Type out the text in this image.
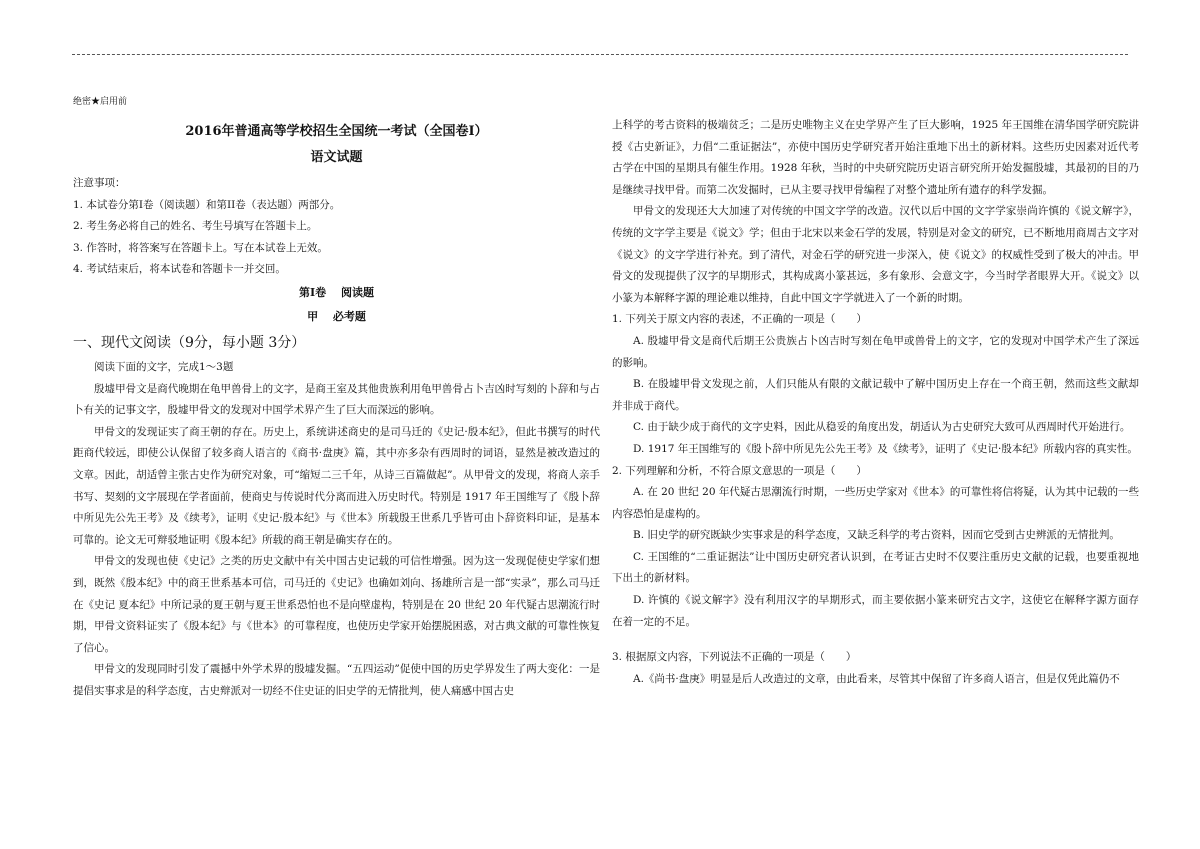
绝密★启用前

2016年普通高等学校招生全国统一考试（全国卷Ⅰ）

语文试题

注意事项：

1. 本试卷分第Ⅰ卷（阅读题）和第II卷（表达题）两部分。

2. 考生务必将自己的姓名、考生号填写在答题卡上。

3. 作答时，将答案写在答题卡上。写在本试卷上无效。

4. 考试结束后，将本试卷和答题卡一并交回。

第Ⅰ卷　 阅读题

甲　 必考题

一、现代文阅读（9分，每小题 3分）

阅读下面的文字，完成1～3题

殷墟甲骨文是商代晚期在龟甲兽骨上的文字，是商王室及其他贵族利用龟甲兽骨占卜吉凶时写刻的卜辞和与占卜有关的记事文字，殷墟甲骨文的发现对中国学术界产生了巨大而深远的影响。

甲骨文的发现证实了商王朝的存在。历史上，系统讲述商史的是司马迁的《史记·殷本纪》，但此书撰写的时代距商代较远，即使公认保留了较多商人语言的《商书·盘庚》篇，其中亦多杂有西周时的词语，显然是被改造过的文章。因此，胡适曾主张古史作为研究对象，可“缩短二三千年，从诗三百篇做起”。从甲骨文的发现，将商人亲手书写、契刻的文字展现在学者面前，使商史与传说时代分离而进入历史时代。特别是 1917 年王国维写了《殷卜辞中所见先公先王考》及《续考》，证明《史记·殷本纪》与《世本》所载殷王世系几乎皆可由卜辞资料印证，是基本可靠的。论文无可辩驳地证明《殷本纪》所载的商王朝是确实存在的。

甲骨文的发现也使《史记》之类的历史文献中有关中国古史记载的可信性增强。因为这一发现促使史学家们想到，既然《殷本纪》中的商王世系基本可信，司马迁的《史记》也确如刘向、扬雄所言是一部“实录”，那么司马迁在《史记 夏本纪》中所记录的夏王朝与夏王世系恐怕也不是向壁虚构，特别是在 20 世纪 20 年代疑古思潮流行时期，甲骨文资料证实了《殷本纪》与《世本》的可靠程度，也使历史学家开始摆脱困惑，对古典文献的可靠性恢复了信心。

甲骨文的发现同时引发了震撼中外学术界的殷墟发掘。“五四运动”促使中国的历史学界发生了两大变化：一是提倡实事求是的科学态度，古史辩派对一切经不住史证的旧史学的无情批判，使人痛感中国古史

上科学的考古资料的极端贫乏；二是历史唯物主义在史学界产生了巨大影响，1925 年王国维在清华国学研究院讲授《古史新证》，力倡“二重证据法”，亦使中国历史学研究者开始注重地下出土的新材料。这些历史因素对近代考古学在中国的星期具有催生作用。1928 年秋，当时的中央研究院历史语言研究所开始发掘殷墟，其最初的目的乃是继续寻找甲骨。而第二次发掘时，已从主要寻找甲骨编程了对整个遗址所有遗存的科学发掘。

甲骨文的发现还大大加速了对传统的中国文字学的改造。汉代以后中国的文字学家崇尚许慎的《说文解字》，传统的文字学主要是《说文》学；但由于北宋以来金石学的发展，特别是对金文的研究，已不断地用商周古文字对《说文》的文字学进行补充。到了清代，对金石学的研究进一步深入，使《说文》的权威性受到了极大的冲击。甲骨文的发现提供了汉字的早期形式，其构成离小篆甚远，多有象形、会意文字，今当时学者眼界大开。《说文》以小篆为本解释字源的理论难以维持，自此中国文字学就进入了一个新的时期。

1. 下列关于原文内容的表述，不正确的一项是（　　）

A. 殷墟甲骨文是商代后期王公贵族占卜凶吉时写刻在龟甲或兽骨上的文字，它的发现对中国学术产生了深远的影响。

B. 在殷墟甲骨文发现之前，人们只能从有限的文献记载中了解中国历史上存在一个商王朝，然而这些文献却并非成于商代。

C. 由于缺少成于商代的文字史料，因此从稳妥的角度出发，胡适认为古史研究大致可从西周时代开始进行。

D. 1917 年王国维写的《殷卜辞中所见先公先王考》及《续考》，证明了《史记·殷本纪》所载内容的真实性。

2. 下列理解和分析，不符合原文意思的一项是（　　）

A. 在 20 世纪 20 年代疑古思潮流行时期，一些历史学家对《世本》的可靠性将信将疑，认为其中记载的一些内容恐怕是虚构的。

B. 旧史学的研究既缺少实事求是的科学态度，又缺乏科学的考古资料，因而它受到古史辨派的无情批判。

C. 王国维的“二重证据法”让中国历史研究者认识到，在考证古史时不仅要注重历史文献的记载，也要重视地下出土的新材料。

D. 许慎的《说文解字》没有利用汉字的早期形式，而主要依据小篆来研究古文字，这使它在解释字源方面存在着一定的不足。

3. 根据原文内容，下列说法不正确的一项是（　　）

A.《尚书·盘庚》明显是后人改造过的文章，由此看来，尽管其中保留了许多商人语言，但是仅凭此篇仍不
